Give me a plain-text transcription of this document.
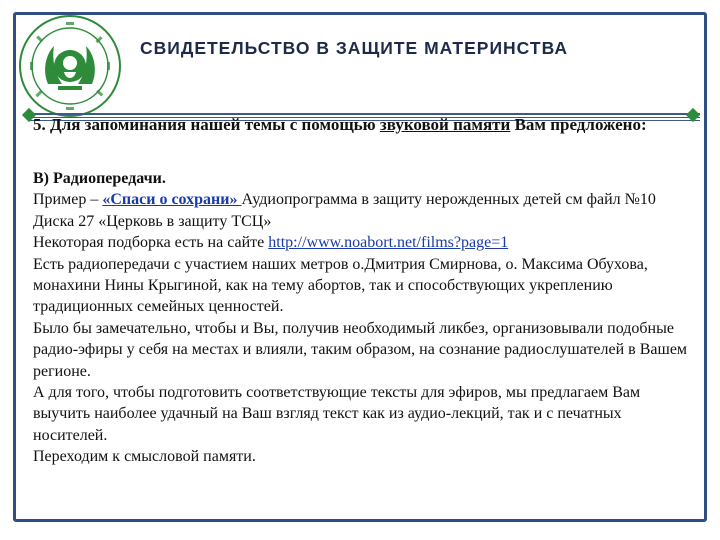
СВИДЕТЕЛЬСТВО В ЗАЩИТЕ МАТЕРИНСТВА
5. Для запоминания нашей темы с помощью звуковой памяти Вам предложено:

В) Радиопередачи.

Пример – «Спаси о сохрани» Аудиопрограмма в защиту нерожденных детей см файл №10 Диска 27 «Церковь в защиту ТСЦ»

Некоторая подборка есть на сайте http://www.noabort.net/films?page=1

Есть радиопередачи с участием наших метров о.Дмитрия Смирнова, о. Максима Обухова, монахини Нины Крыгиной, как на тему абортов, так и способствующих укреплению традиционных семейных ценностей.

Было бы замечательно, чтобы и Вы, получив необходимый ликбез, организовывали подобные радио-эфиры у себя на местах и влияли, таким образом, на сознание радиослушателей в Вашем регионе.

А для того, чтобы подготовить соответствующие тексты для эфиров, мы предлагаем Вам выучить наиболее удачный на Ваш взгляд текст как из аудио-лекций, так и с печатных носителей.

Переходим к смысловой памяти.
